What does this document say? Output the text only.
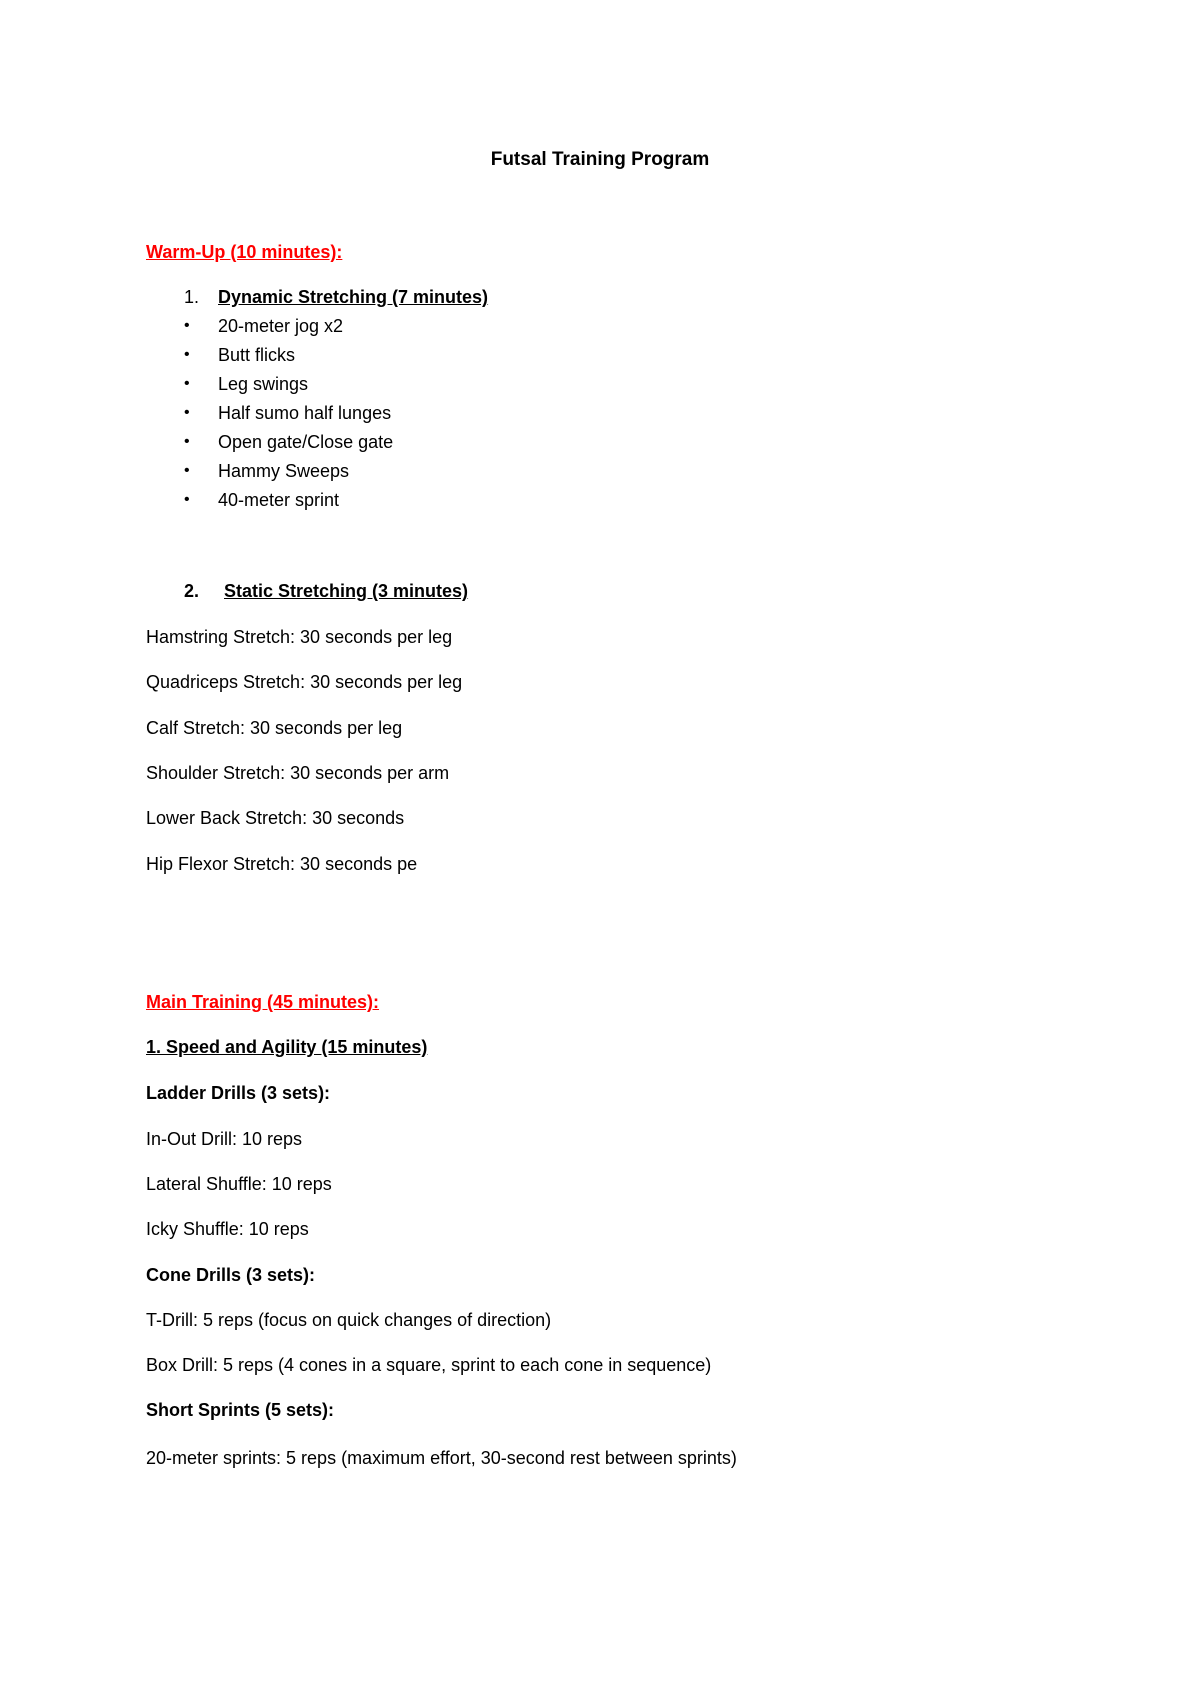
Futsal Training Program
Warm-Up (10 minutes):
1. Dynamic Stretching (7 minutes)
• 20-meter jog x2
• Butt flicks
• Leg swings
• Half sumo half lunges
• Open gate/Close gate
• Hammy Sweeps
• 40-meter sprint
2. Static Stretching (3 minutes)
Hamstring Stretch: 30 seconds per leg
Quadriceps Stretch: 30 seconds per leg
Calf Stretch: 30 seconds per leg
Shoulder Stretch: 30 seconds per arm
Lower Back Stretch: 30 seconds
Hip Flexor Stretch: 30 seconds pe
Main Training (45 minutes):
1. Speed and Agility (15 minutes)
Ladder Drills (3 sets):
In-Out Drill: 10 reps
Lateral Shuffle: 10 reps
Icky Shuffle: 10 reps
Cone Drills (3 sets):
T-Drill: 5 reps (focus on quick changes of direction)
Box Drill: 5 reps (4 cones in a square, sprint to each cone in sequence)
Short Sprints (5 sets):
20-meter sprints: 5 reps (maximum effort, 30-second rest between sprints)
